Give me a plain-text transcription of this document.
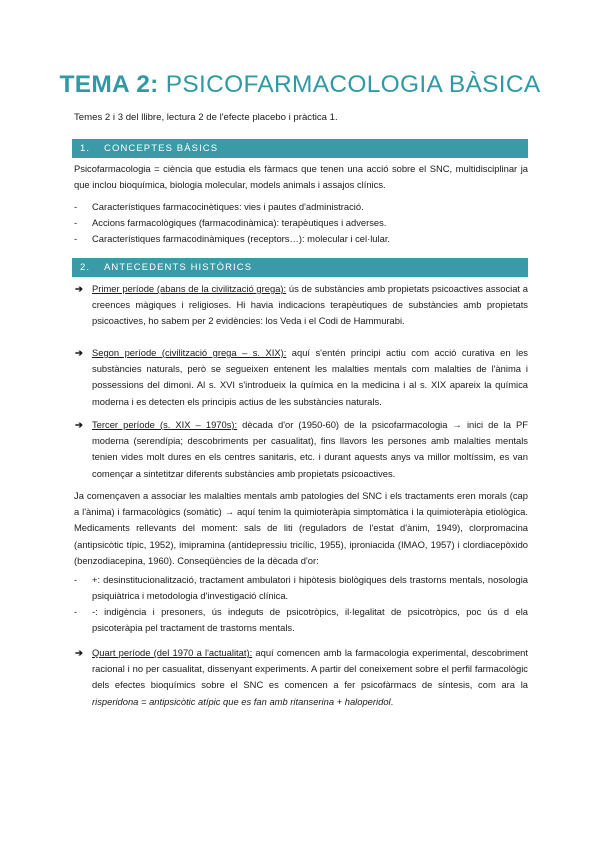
TEMA 2: PSICOFARMACOLOGIA BÀSICA
Temes 2 i 3 del llibre, lectura 2 de l'efecte placebo i pràctica 1.
1. CONCEPTES BÀSICS
Psicofarmacologia = ciència que estudia els fàrmacs que tenen una acció sobre el SNC, multidisciplinar ja que inclou bioquímica, biologia molecular, models animals i assajos clínics.
- Característiques farmacocinètiques: vies i pautes d'administració.
- Accions farmacològiques (farmacodinàmica): terapèutiques i adverses.
- Característiques farmacodinàmiques (receptors…): molecular i cel·lular.
2. ANTECEDENTS HISTÒRICS
➔ Primer període (abans de la civilització grega): ús de substàncies amb propietats psicoactives associat a creences màgiques i religioses. Hi havia indicacions terapèutiques de substàncies amb propietats psicoactives, ho sabem per 2 evidències: los Veda i el Codi de Hammurabi.
➔ Segon període (civilització grega – s. XIX): aquí s'entén principi actiu com acció curativa en les substàncies naturals, però se segueixen entenent les malalties mentals com malalties de l'ànima i possessions del dimoni. Al s. XVI s'introdueix la química en la medicina i al s. XIX apareix la química moderna i es detecten els principis actius de les substàncies naturals.
➔ Tercer període (s. XIX – 1970s): dècada d'or (1950-60) de la psicofarmacologia → inici de la PF moderna (serendípia; descobriments per casualitat), fins llavors les persones amb malalties mentals tenien vides molt dures en els centres sanitaris, etc. i durant aquests anys va millor moltíssim, es van començar a sintetitzar diferents substàncies amb propietats psicoactives.
Ja començaven a associar les malalties mentals amb patologies del SNC i els tractaments eren morals (cap a l'ànima) i farmacològics (somàtic) → aquí tenim la quimioteràpia simptomàtica i la quimioteràpia etiològica. Medicaments rellevants del moment: sals de liti (reguladors de l'estat d'ànim, 1949), clorpromacina (antipsicòtic típic, 1952), imipramina (antidepressiu tricílic, 1955), iproniacida (IMAO, 1957) i clordiacepòxido (benzodiacepina, 1960). Conseqüències de la dècada d'or:
- +: desinstitucionalització, tractament ambulatori i hipòtesis biològiques dels trastorns mentals, nosologia psiquiàtrica i metodologia d'investigació clínica.
- -: indigència i presoners, ús indeguts de psicotròpics, il·legalitat de psicotròpics, poc ús d ela psicoteràpia pel tractament de trastorns mentals.
➔ Quart període (del 1970 a l'actualitat): aquí comencen amb la farmacologia experimental, descobriment racional i no per casualitat, dissenyant experiments. A partir del coneixement sobre el perfil farmacològic dels efectes bioquímics sobre el SNC es comencen a fer psicofàrmacs de síntesis, com ara la risperidona = antipsicòtic atípic que es fan amb ritanserina + haloperidol.
